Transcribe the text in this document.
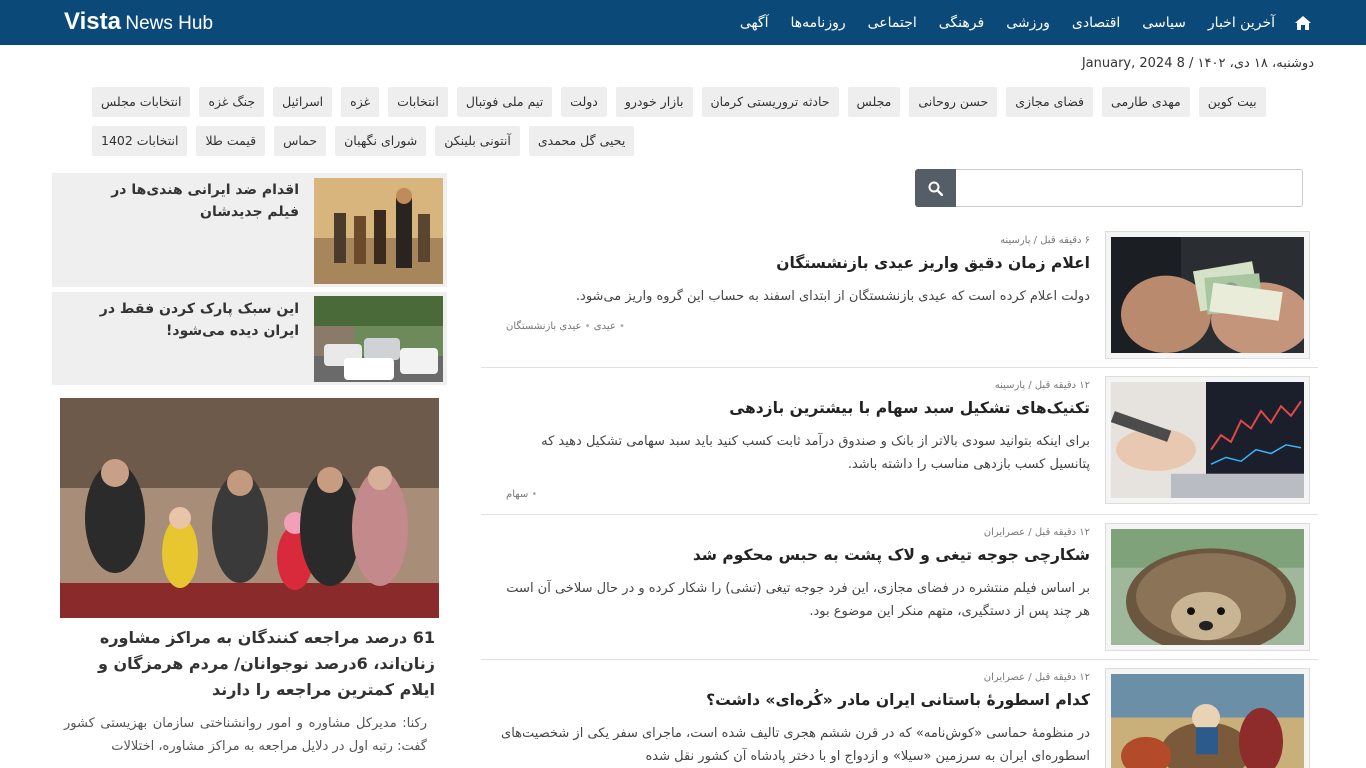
Vista News Hub	آخرین اخبار
سیاسی
اقتصادی
ورزشی
فرهنگی
اجتماعی
روزنامه‌ها
آگهی
دوشنبه، ۱۸ دی، ۱۴۰۲ / 8 January, 2024
انتخابات مجلس	جنگ غزه	اسرائیل	غزه	انتخابات	تیم ملی فوتبال	دولت	بازار خودرو	حادثه تروریستی کرمان	مجلس	حسن روحانی	فضای مجازی	مهدی طارمی	بیت کوین
انتخابات 1402	قیمت طلا	حماس	شورای نگهبان	آنتونی بلینکن	یحیی گل محمدی
۶ دقیقه قبل / پارسینه
اعلام زمان دقیق واریز عیدی بازنشستگان
دولت اعلام کرده است که عیدی بازنشستگان از ابتدای اسفند به حساب این گروه واریز می‌شود.
• عیدی • عیدی بازنشستگان
۱۲ دقیقه قبل / پارسینه
تکنیک‌های تشکیل سبد سهام با بیشترین بازدهی
برای اینکه بتوانید سودی بالاتر از بانک و صندوق درآمد ثابت کسب کنید باید سبد سهامی تشکیل دهید که پتانسیل کسب بازدهی مناسب را داشته باشد.
• سهام
۱۲ دقیقه قبل / عصرایران
شکارچی جوجه تیغی و لاک پشت به حبس محکوم شد
بر اساس فیلم منتشره در فضای مجازی، این فرد جوجه تیغی (تشی) را شکار کرده و در حال سلاخی آن است هر چند پس از دستگیری، متهم منکر این موضوع بود.
۱۲ دقیقه قبل / عصرایران
کدام اسطورهٔ باستانی ایران مادر «کُره‌ای» داشت؟
در منظومهٔ حماسی «کوش‌نامه» که در قرن ششم هجری تالیف شده است، ماجرای سفر یکی از شخصیت‌های اسطوره‌ای ایران به سرزمین «سیلا» و ازدواج او با دختر پادشاه آن کشور نقل شده
اقدام ضد ایرانی هندی‌ها در فیلم جدیدشان
این سبک پارک کردن فقط در ایران دیده می‌شود!
61 درصد مراجعه کنندگان به مراکز مشاوره زنان‌اند، 6درصد نوجوانان/ مردم هرمزگان و ایلام کمترین مراجعه را دارند
رکنا: مدیرکل مشاوره و امور روانشناختی سازمان بهزیستی کشور گفت: رتبه اول در دلایل مراجعه به مراکز مشاوره، اختلالات
